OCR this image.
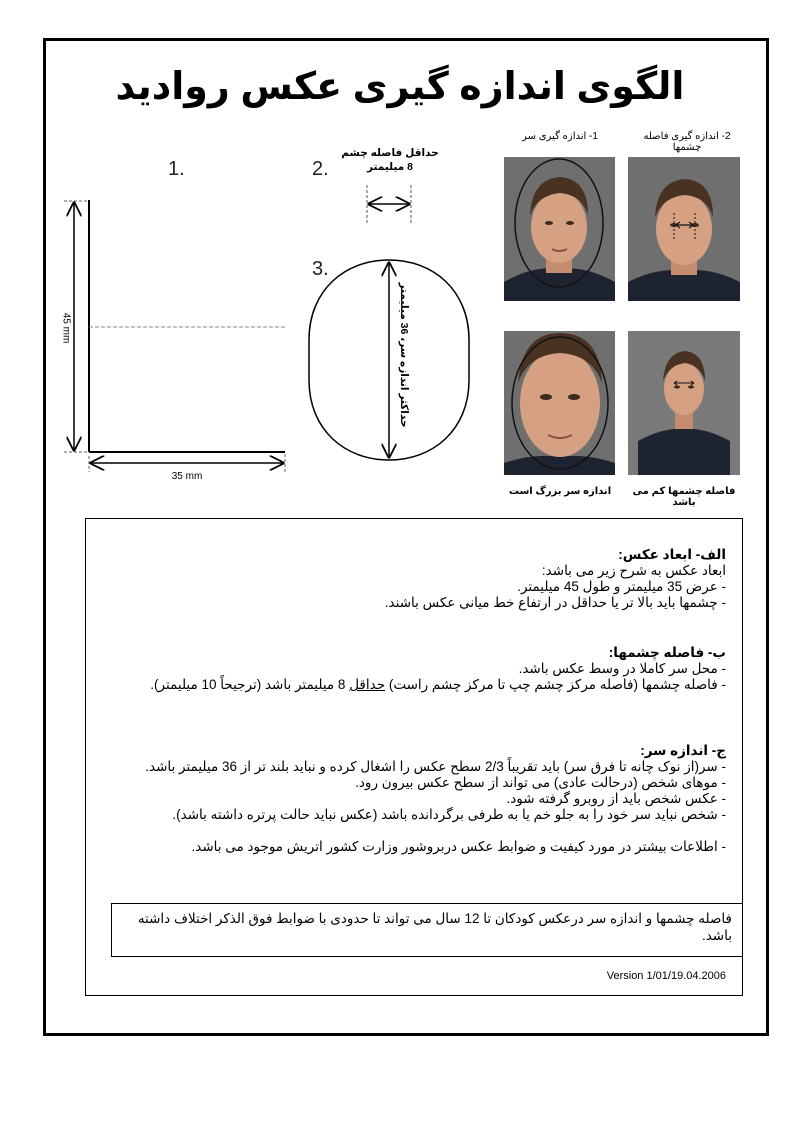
الگوی اندازه گیری عکس روادید
1.	2.
3.
حداقل فاصله چشم
8 میلیمتر
45 mm
35 mm
حداکثر اندازه سر، 36 میلیمتر
1- اندازه گیری سر	2- اندازه گیری فاصله چشمها
اندازه سر بزرگ است	فاصله چشمها کم می باشد

الف- ابعاد عکس:

ابعاد عکس به شرح زیر می باشد:

- عرض 35 میلیمتر و طول 45 میلیمتر.

- چشمها باید بالا تر یا حداقل در ارتفاع خط میانی عکس باشند.

ب- فاصله چشمها:

- محل سر کاملا در وسط عکس باشد.

- فاصله چشمها (فاصله مرکز چشم چپ تا مرکز چشم راست) حداقل 8 میلیمتر باشد (ترجیحاً 10 میلیمتر).

ج- اندازه سر:

- سر(از نوک چانه تا فرق سر) باید تقریباً 2/3 سطح عکس را اشغال کرده و نباید بلند تر از 36 میلیمتر باشد.

- موهای شخص (درحالت عادی) می تواند از سطح عکس بیرون رود.

- عکس شخص باید از روبرو گرفته شود.

- شخص نباید سر خود را به جلو خم یا به طرفی برگردانده باشد (عکس نباید حالت پرتره داشته باشد).

- اطلاعات بیشتر در مورد کیفیت و ضوابط عکس دربروشور وزارت کشور اتریش موجود می باشد.

فاصله چشمها و اندازه سر درعکس کودکان تا 12 سال می تواند تا حدودی با ضوابط فوق الذکر اختلاف داشته باشد.
Version 1/01/19.04.2006
